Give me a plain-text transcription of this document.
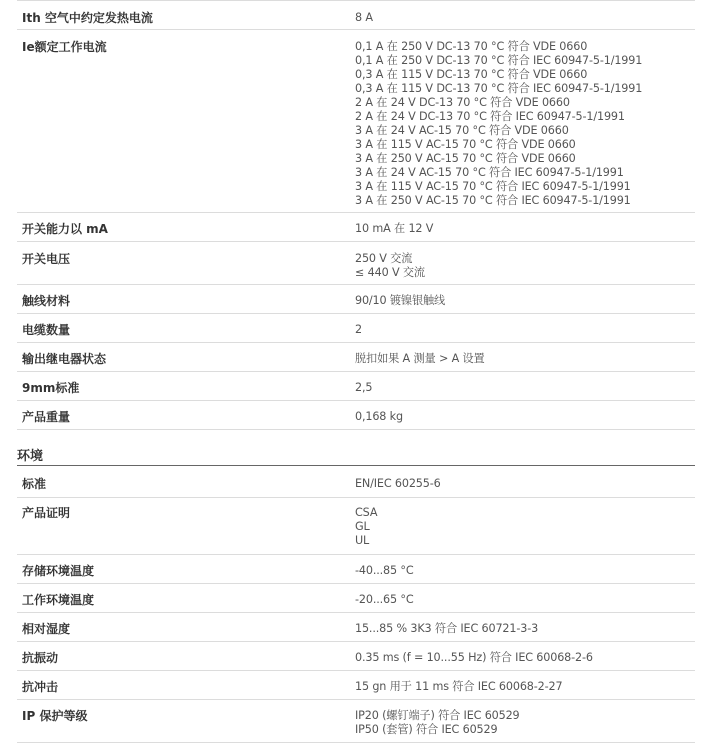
Ith 空气中约定发热电流	8 A
Ie额定工作电流	0,1 A 在 250 V DC-13 70 °C 符合 VDE 0660
0,1 A 在 250 V DC-13 70 °C 符合 IEC 60947-5-1/1991
0,3 A 在 115 V DC-13 70 °C 符合 VDE 0660
0,3 A 在 115 V DC-13 70 °C 符合 IEC 60947-5-1/1991
2 A 在 24 V DC-13 70 °C 符合 VDE 0660
2 A 在 24 V DC-13 70 °C 符合 IEC 60947-5-1/1991
3 A 在 24 V AC-15 70 °C 符合 VDE 0660
3 A 在 115 V AC-15 70 °C 符合 VDE 0660
3 A 在 250 V AC-15 70 °C 符合 VDE 0660
3 A 在 24 V AC-15 70 °C 符合 IEC 60947-5-1/1991
3 A 在 115 V AC-15 70 °C 符合 IEC 60947-5-1/1991
3 A 在 250 V AC-15 70 °C 符合 IEC 60947-5-1/1991
开关能力以 mA	10 mA 在 12 V
开关电压	250 V 交流
≤ 440 V 交流
触线材料	90/10 镀镍银触线
电缆数量	2
输出继电器状态	脱扣如果 A 测量 > A 设置
9mm标准	2,5
产品重量	0,168 kg
环境
标准	EN/IEC 60255-6
产品证明	CSA
GL
UL
存储环境温度	-40...85 °C
工作环境温度	-20...65 °C
相对湿度	15...85 % 3K3 符合 IEC 60721-3-3
抗振动	0.35 ms (f = 10...55 Hz) 符合 IEC 60068-2-6
抗冲击	15 gn 用于 11 ms 符合 IEC 60068-2-27
IP 保护等级	IP20 (螺钉端子) 符合 IEC 60529
IP50 (套管) 符合 IEC 60529
